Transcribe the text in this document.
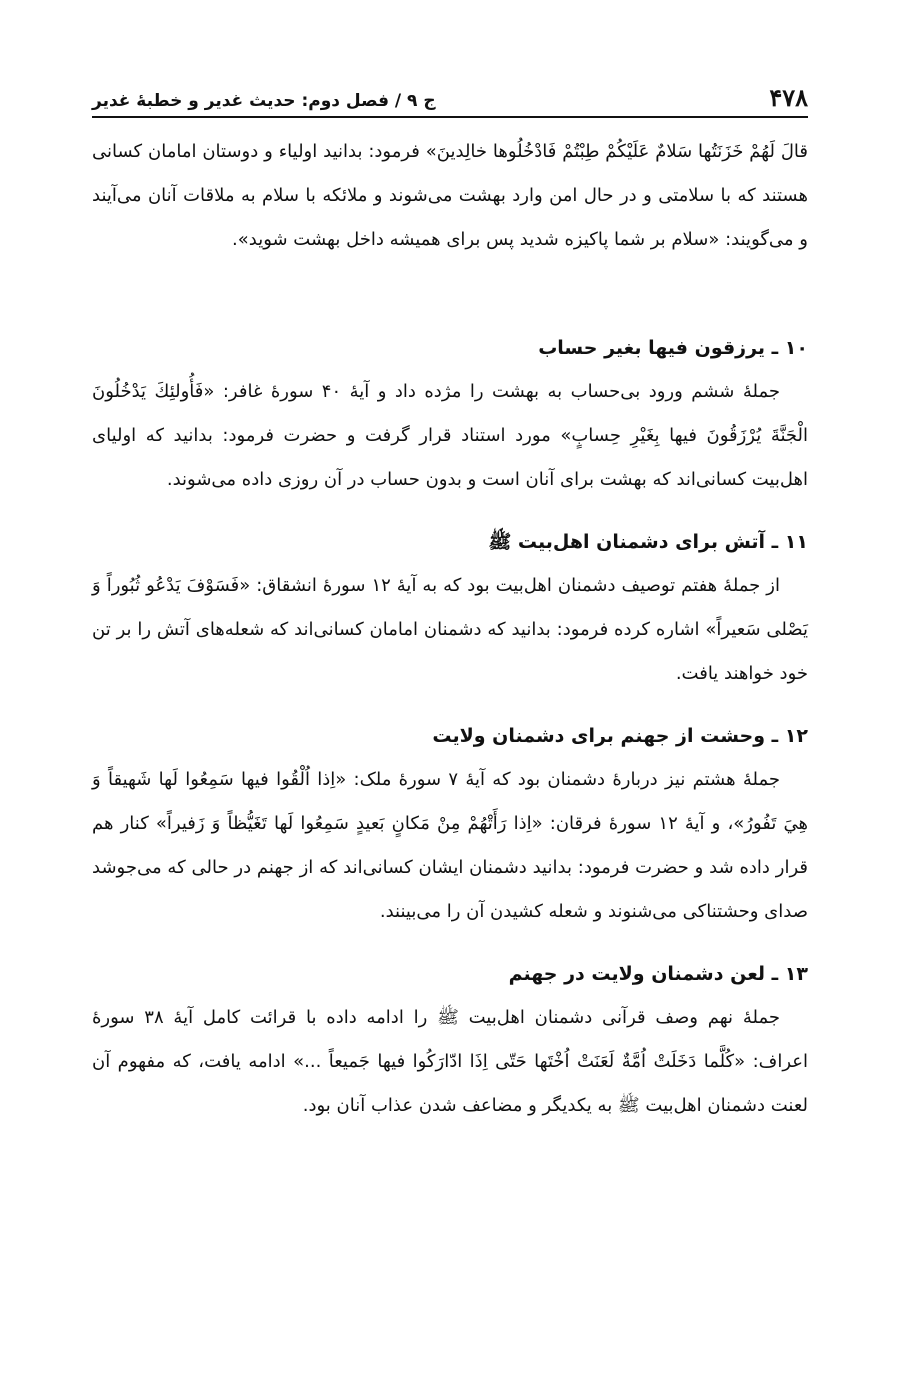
۴۷۸
ج ۹ / فصل دوم: حدیث غدیر و خطبهٔ غدیر

قالَ لَهُمْ خَزَنَتُها سَلامٌ عَلَيْكُمْ طِبْتُمْ فَادْخُلُوها خالِدينَ» فرمود: بدانید اولیاء و دوستان امامان کسانی هستند که با سلامتی و در حال امن وارد بهشت می‌شوند و ملائکه با سلام به ملاقات آنان می‌آیند و می‌گویند: «سلام بر شما پاکیزه شدید پس برای همیشه داخل بهشت شوید».

۱۰ ـ یرزقون فیها بغیر حساب

جملهٔ ششم ورود بی‌حساب به بهشت را مژده داد و آیهٔ ۴۰ سورهٔ غافر: «فَأُولئِكَ يَدْخُلُونَ الْجَنَّةَ يُرْزَقُونَ فيها بِغَيْرِ حِسابٍ» مورد استناد قرار گرفت و حضرت فرمود: بدانید که اولیای اهل‌بیت کسانی‌اند که بهشت برای آنان است و بدون حساب در آن روزی داده می‌شوند.

۱۱ ـ آتش برای دشمنان اهل‌بیت ﷺ

از جملهٔ هفتم توصیف دشمنان اهل‌بیت بود که به آیهٔ ۱۲ سورهٔ انشقاق: «فَسَوْفَ يَدْعُو ثُبُوراً وَ يَصْلى سَعيراً» اشاره کرده فرمود: بدانید که دشمنان امامان کسانی‌اند که شعله‌های آتش را بر تن خود خواهند یافت.

۱۲ ـ وحشت از جهنم برای دشمنان ولایت

جملهٔ هشتم نیز دربارهٔ دشمنان بود که آیهٔ ۷ سورهٔ ملک: «اِذا اُلْقُوا فيها سَمِعُوا لَها شَهيقاً وَ هِيَ تَفُورُ»، و آیهٔ ۱۲ سورهٔ فرقان: «اِذا رَأَتْهُمْ مِنْ مَكانٍ بَعيدٍ سَمِعُوا لَها تَغَيُّظاً وَ زَفيراً» کنار هم قرار داده شد و حضرت فرمود: بدانید دشمنان ایشان کسانی‌اند که از جهنم در حالی که می‌جوشد صدای وحشتناکی می‌شنوند و شعله کشیدن آن را می‌بینند.

۱۳ ـ لعن دشمنان ولایت در جهنم

جملهٔ نهم وصف قرآنی دشمنان اهل‌بیت ﷺ را ادامه داده با قرائت کامل آیهٔ ۳۸ سورهٔ اعراف: «كُلَّما دَخَلَتْ اُمَّةٌ لَعَنَتْ اُخْتَها حَتّى اِذَا ادّارَكُوا فيها جَميعاً ...» ادامه یافت، که مفهوم آن لعنت دشمنان اهل‌بیت ﷺ به یکدیگر و مضاعف شدن عذاب آنان بود.
